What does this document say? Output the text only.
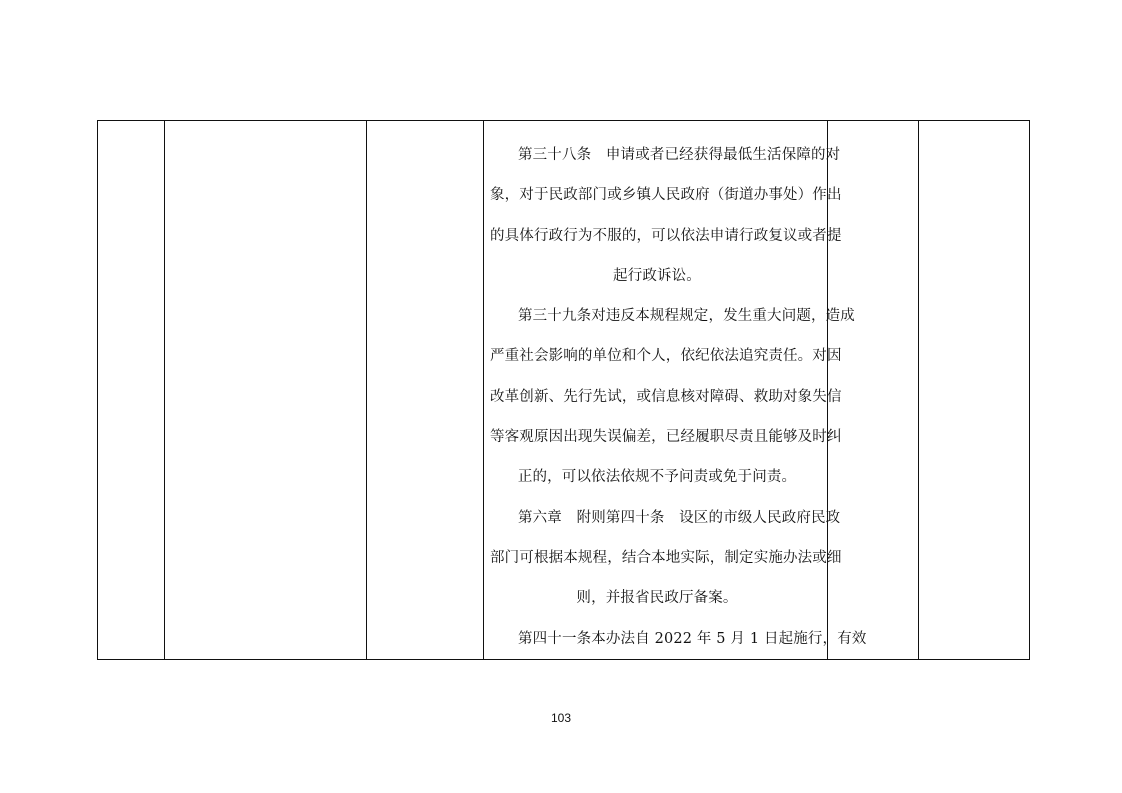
第三十八条　申请或者已经获得最低生活保障的对
象，对于民政部门或乡镇人民政府（街道办事处）作出
的具体行政行为不服的，可以依法申请行政复议或者提
起行政诉讼。
第三十九条对违反本规程规定，发生重大问题，造成
严重社会影响的单位和个人，依纪依法追究责任。对因
改革创新、先行先试，或信息核对障碍、救助对象失信
等客观原因出现失误偏差，已经履职尽责且能够及时纠
正的，可以依法依规不予问责或免于问责。
第六章　附则第四十条　设区的市级人民政府民政
部门可根据本规程，结合本地实际，制定实施办法或细
则，并报省民政厅备案。
第四十一条本办法自 2022 年 5 月 1 日起施行，有效

103
